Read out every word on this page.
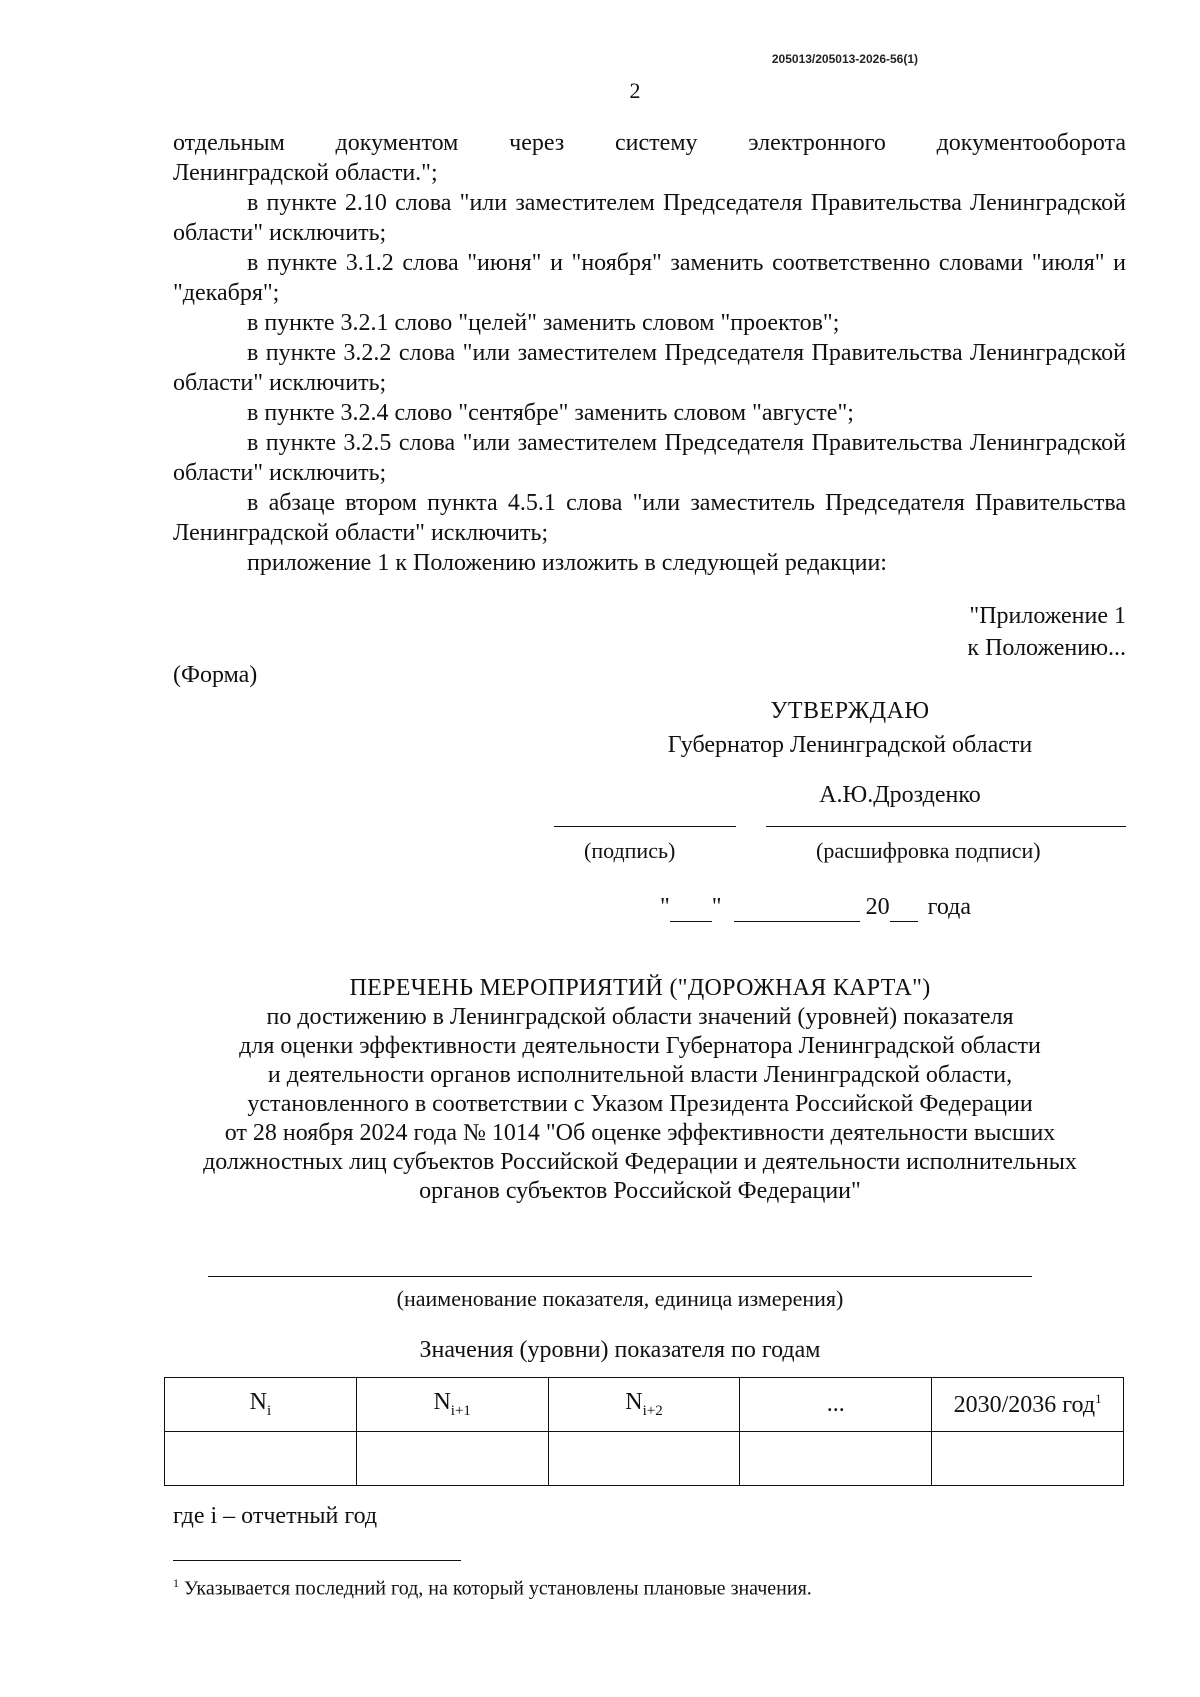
205013/205013-2026-56(1)
2

отдельным документом через систему электронного документооборота

Ленинградской области.";

в пункте 2.10 слова "или заместителем Председателя Правительства Ленинградской области" исключить;

в пункте 3.1.2 слова "июня" и "ноября" заменить соответственно словами "июля" и "декабря";

в пункте 3.2.1 слово "целей" заменить словом "проектов";

в пункте 3.2.2 слова "или заместителем Председателя Правительства Ленинградской области" исключить;

в пункте 3.2.4 слово "сентябре" заменить словом "августе";

в пункте 3.2.5 слова "или заместителем Председателя Правительства Ленинградской области" исключить;

в абзаце втором пункта 4.5.1 слова "или заместитель Председателя Правительства Ленинградской области" исключить;

приложение 1 к Положению изложить в следующей редакции:

"Приложение 1
к Положению...
(Форма)
УТВЕРЖДАЮ
Губернатор Ленинградской области
А.Ю.Дрозденко
(подпись)	(расшифровка подписи)
" "	20 года
ПЕРЕЧЕНЬ МЕРОПРИЯТИЙ ("ДОРОЖНАЯ КАРТА")
по достижению в Ленинградской области значений (уровней) показателя
для оценки эффективности деятельности Губернатора Ленинградской области
и деятельности органов исполнительной власти Ленинградской области,
установленного в соответствии с Указом Президента Российской Федерации
от 28 ноября 2024 года № 1014 "Об оценке эффективности деятельности высших
должностных лиц субъектов Российской Федерации и деятельности исполнительных
органов субъектов Российской Федерации"
(наименование показателя, единица измерения)
Значения (уровни) показателя по годам
$N_i$	$N_{i+1}$	$N_{i+2}$	...	2030/2036 год$^1$

где i – отчетный год
$^1$ Указывается последний год, на который установлены плановые значения.
